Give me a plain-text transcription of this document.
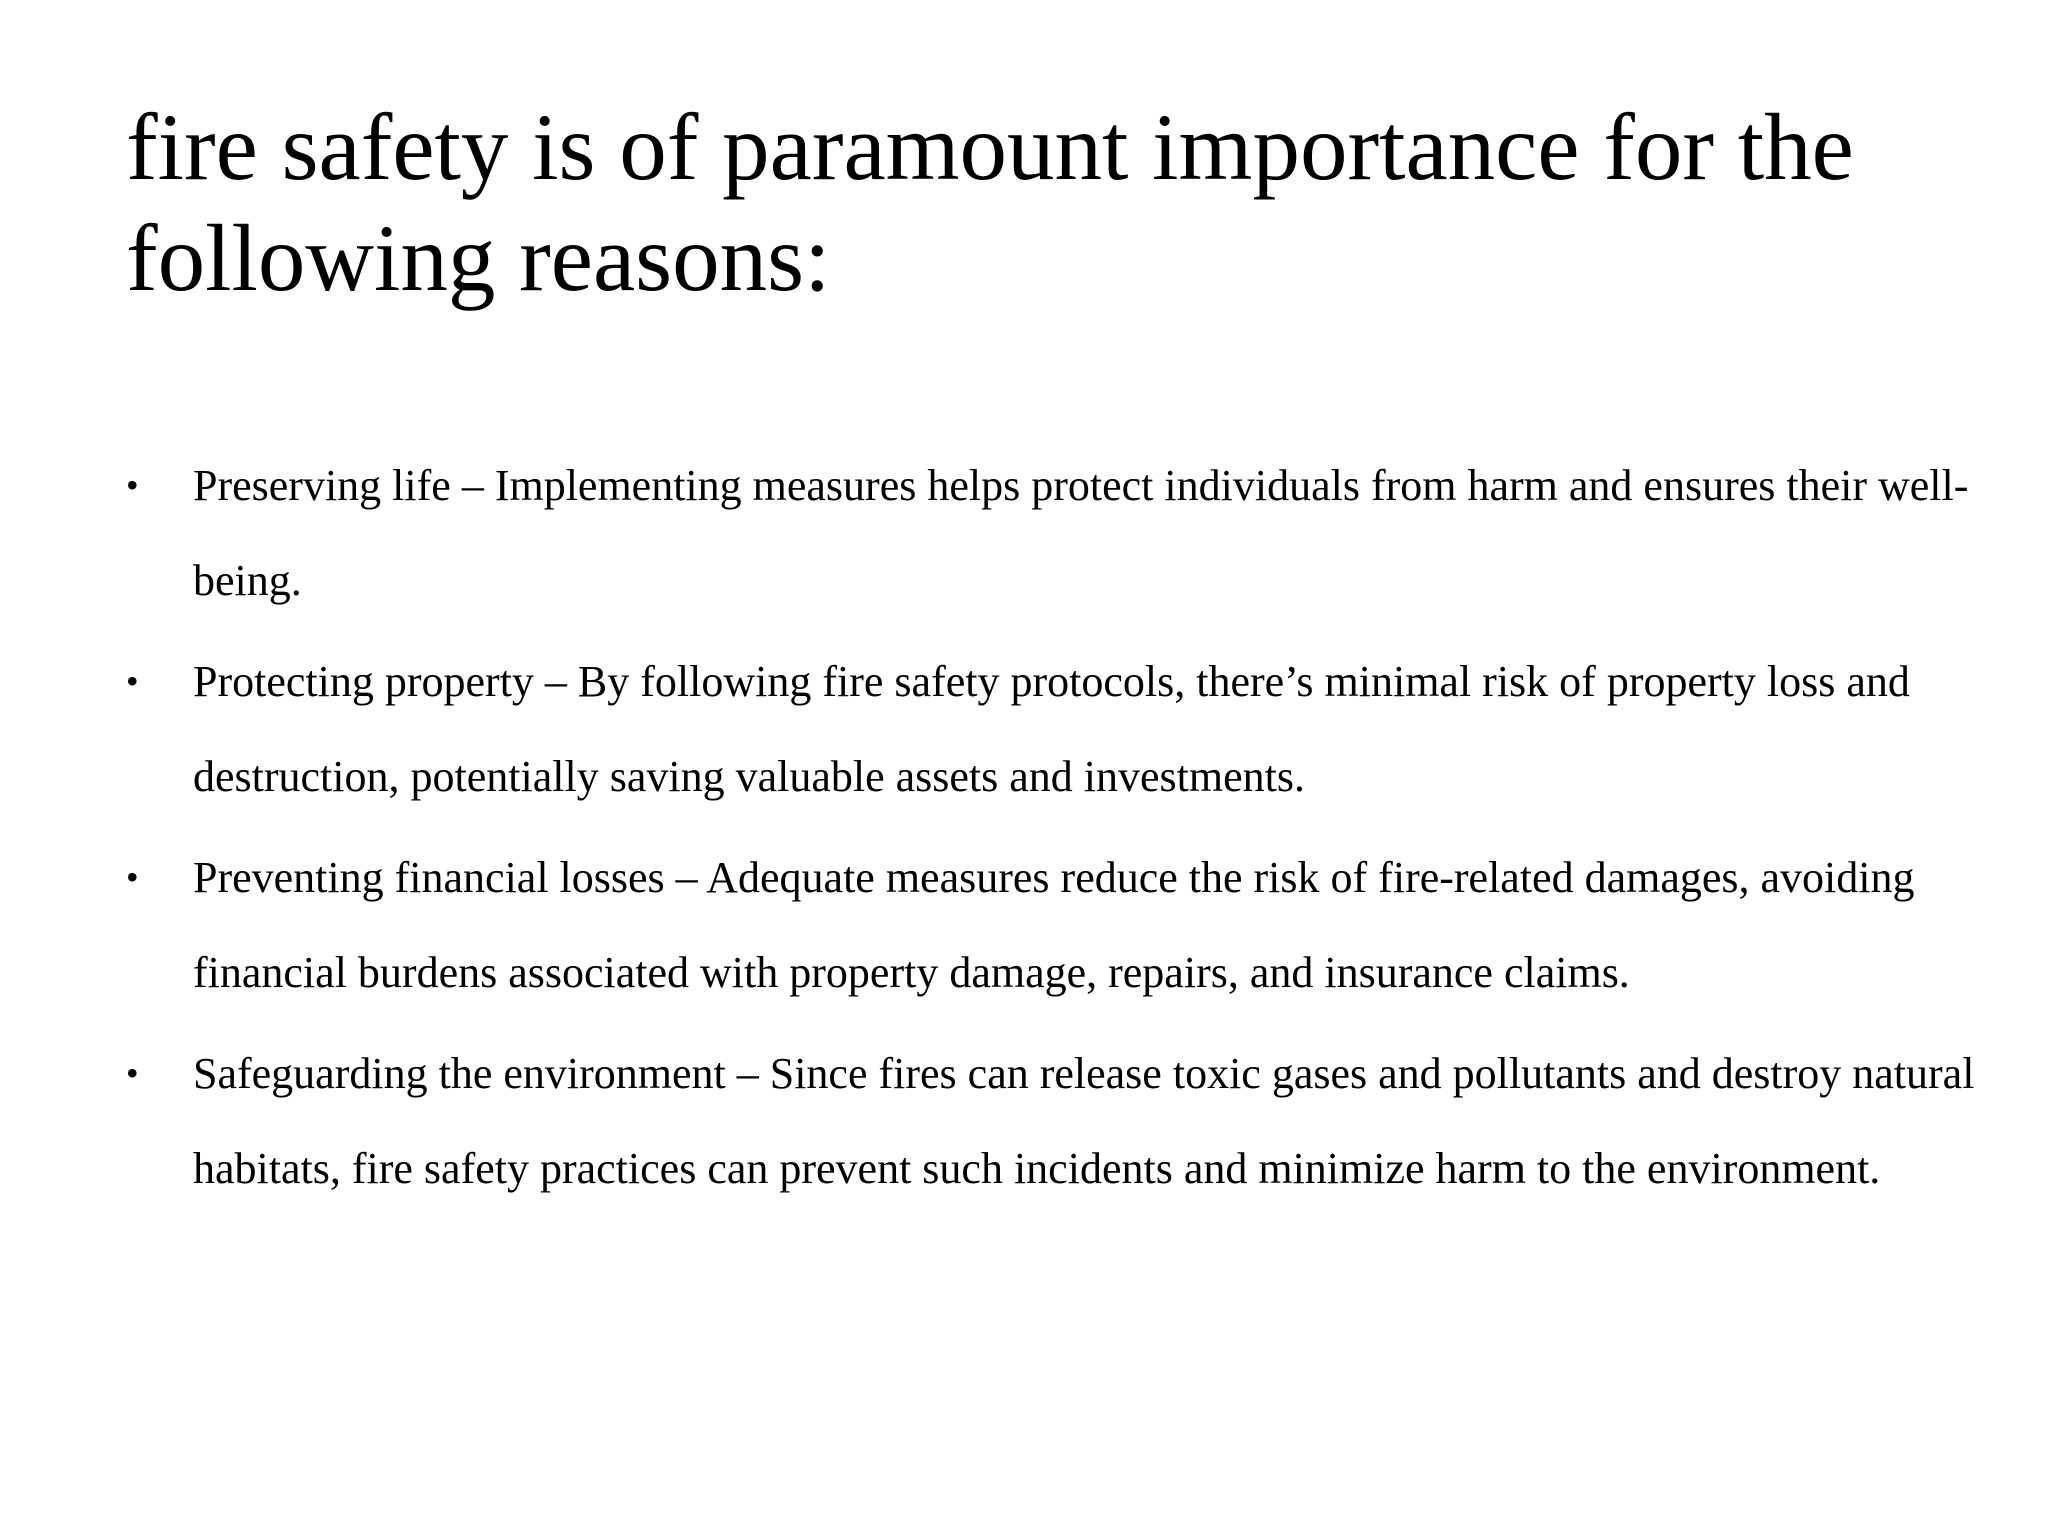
fire safety is of paramount importance for the following reasons:
• Preserving life – Implementing measures helps protect individuals from harm and ensures their well-being.
• Protecting property – By following fire safety protocols, there’s minimal risk of property loss and destruction, potentially saving valuable assets and investments.
• Preventing financial losses – Adequate measures reduce the risk of fire-related damages, avoiding financial burdens associated with property damage, repairs, and insurance claims.
• Safeguarding the environment – Since fires can release toxic gases and pollutants and destroy natural habitats, fire safety practices can prevent such incidents and minimize harm to the environment.
